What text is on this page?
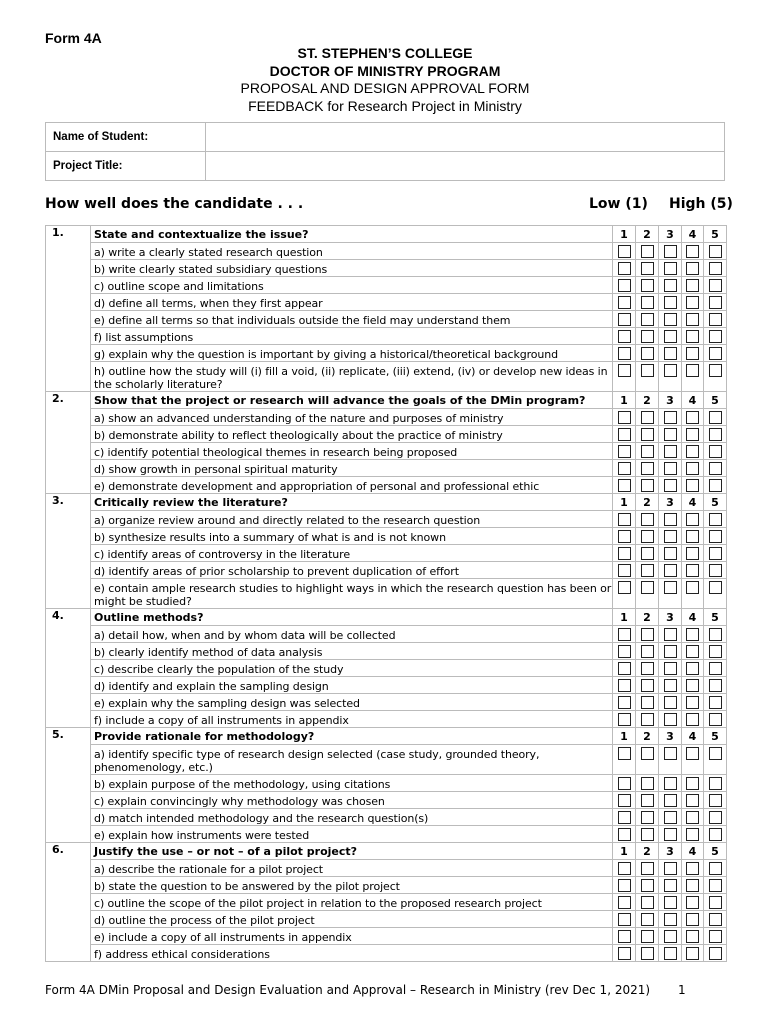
Form 4A
ST. STEPHEN’S COLLEGE
DOCTOR OF MINISTRY PROGRAM
PROPOSAL AND DESIGN APPROVAL FORM
FEEDBACK for Research Project in Ministry
Name of Student:	
Project Title:	
How well does the candidate . . .	Low (1) High (5)
1.	State and contextualize the issue?	1	2	3	4	5
	a) write a clearly stated research question					
	b) write clearly stated subsidiary questions					
	c) outline scope and limitations					
	d) define all terms, when they first appear					
	e) define all terms so that individuals outside the field may understand them					
	f) list assumptions					
	g) explain why the question is important by giving a historical/theoretical background					
	h) outline how the study will (i) fill a void, (ii) replicate, (iii) extend, (iv) or develop new ideas in the scholarly literature?					
2.	Show that the project or research will advance the goals of the DMin program?	1	2	3	4	5
	a) show an advanced understanding of the nature and purposes of ministry					
	b) demonstrate ability to reflect theologically about the practice of ministry					
	c) identify potential theological themes in research being proposed					
	d) show growth in personal spiritual maturity					
	e) demonstrate development and appropriation of personal and professional ethic					
3.	Critically review the literature?	1	2	3	4	5
	a) organize review around and directly related to the research question					
	b) synthesize results into a summary of what is and is not known					
	c) identify areas of controversy in the literature					
	d) identify areas of prior scholarship to prevent duplication of effort					
	e) contain ample research studies to highlight ways in which the research question has been or might be studied?					
4.	Outline methods?	1	2	3	4	5
	a) detail how, when and by whom data will be collected					
	b) clearly identify method of data analysis					
	c) describe clearly the population of the study					
	d) identify and explain the sampling design					
	e) explain why the sampling design was selected					
	f) include a copy of all instruments in appendix					
5.	Provide rationale for methodology?	1	2	3	4	5
	a) identify specific type of research design selected (case study, grounded theory, phenomenology, etc.)					
	b) explain purpose of the methodology, using citations					
	c) explain convincingly why methodology was chosen					
	d) match intended methodology and the research question(s)					
	e) explain how instruments were tested					
6.	Justify the use – or not – of a pilot project?	1	2	3	4	5
	a) describe the rationale for a pilot project					
	b) state the question to be answered by the pilot project					
	c) outline the scope of the pilot project in relation to the proposed research project					
	d) outline the process of the pilot project					
	e) include a copy of all instruments in appendix					
	f) address ethical considerations					
Form 4A DMin Proposal and Design Evaluation and Approval – Research in Ministry (rev Dec 1, 2021) 1
